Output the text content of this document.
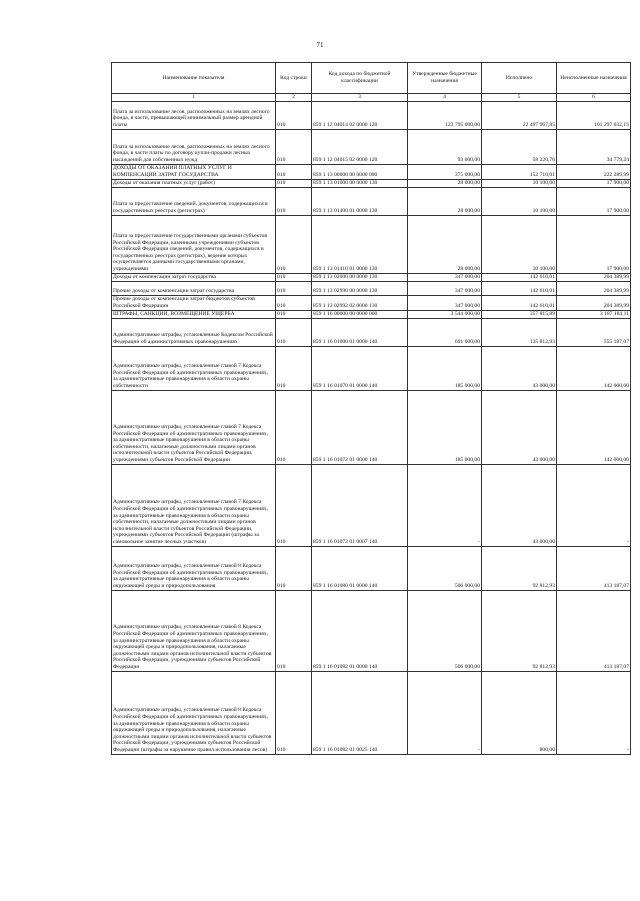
71
Наименование показателя	Код строки	Код дохода по бюджетной классификации	Утвержденные бюджетные назначения	Исполнено	Неисполненные назначения
1	2	3	4	5	6
Плата за использование лесов, расположенных на землях лесного фонда, в части, превышающей минимальный размер арендной платы	010	859 1 12 04014 02 0000 120	123 795 000,00	22 497 967,85	101 297 032,15
Плата за использование лесов, расположенных на землях лесного фонда, в части платы по договору купли-продажи лесных насаждений для собственных нужд	010	859 1 12 04015 02 0000 120	93 000,00	58 220,76	34 779,24
ДОХОДЫ ОТ ОКАЗАНИЯ ПЛАТНЫХ УСЛУГ И КОМПЕНСАЦИИ ЗАТРАТ ГОСУДАРСТВА	010	859 1 13 00000 00 0000 000	375 000,00	152 710,01	222 289,99
Доходы от оказания платных услуг (работ)	010	859 1 13 01000 00 0000 130	28 000,00	10 100,00	17 900,00
Плата за предоставление сведений, документов, содержащихся в государственных реестрах (регистрах)	010	859 1 13 01400 01 0000 130	28 000,00	10 100,00	17 900,00
Плата за предоставление государственными органами субъектов Российской Федерации, казенными учреждениями субъектов Российской Федерации сведений, документов, содержащихся в государственных реестрах (регистрах), ведение которых осуществляется данными государственными органами, учреждениями	010	859 1 13 01410 01 0000 130	28 000,00	10 100,00	17 900,00
Доходы от компенсации затрат государства	010	859 1 13 02000 00 0000 130	347 000,00	142 610,01	204 389,99
Прочие доходы от компенсации затрат государства	010	859 1 13 02990 00 0000 130	347 000,00	142 610,01	204 389,99
Прочие доходы от компенсации затрат бюджетов субъектов Российской Федерации	010	859 1 13 02992 02 0000 130	347 000,00	142 610,01	204 389,99
ШТРАФЫ, САНКЦИИ, ВОЗМЕЩЕНИЕ УЩЕРБА	010	859 1 16 00000 00 0000 000	3 544 000,00	357 815,89	3 187 184,11
Административные штрафы, установленные Кодексом Российской Федерации об административных правонарушениях	010	859 1 16 01000 01 0000 140	691 000,00	135 812,93	555 187,07
Административные штрафы, установленные главой 7 Кодекса Российской Федерации об административных правонарушениях, за административные правонарушения в области охраны собственности	010	859 1 16 01070 01 0000 140	185 000,00	43 000,00	142 000,00
Административные штрафы, установленные главой 7 Кодекса Российской Федерации об административных правонарушениях, за административные правонарушения в области охраны собственности, налагаемые должностными лицами органов исполнительной власти субъектов Российской Федерации, учреждениями субъектов Российской Федерации	010	859 1 16 01072 01 0000 140	185 000,00	43 000,00	142 000,00
Административные штрафы, установленные главой 7 Кодекса Российской Федерации об административных правонарушениях, за административные правонарушения в области охраны собственности, налагаемые должностными лицами органов исполнительной власти субъектов Российской Федерации, учреждениями субъектов Российской Федерации (штрафы за самовольное занятие лесных участков)	010	859 1 16 01072 01 0007 140	-	43 000,00	-
Административные штрафы, установленные главой 8 Кодекса Российской Федерации об административных правонарушениях, за административные правонарушения в области охраны окружающей среды и природопользования	010	859 1 16 01080 01 0000 140	506 000,00	92 812,93	413 187,07
Административные штрафы, установленные главой 8 Кодекса Российской Федерации об административных правонарушениях, за административные правонарушения в области охраны окружающей среды и природопользования, налагаемые должностными лицами органов исполнительной власти субъектов Российской Федерации, учреждениями субъектов Российской Федерации	010	859 1 16 01082 01 0000 140	506 000,00	92 812,93	413 187,07
Административные штрафы, установленные главой 8 Кодекса Российской Федерации об административных правонарушениях, за административные правонарушения в области охраны окружающей среды и природопользования, налагаемые должностными лицами органов исполнительной власти субъектов Российской Федерации, учреждениями субъектов Российской Федерации (штрафы за нарушение правил использования лесов)	010	859 1 16 01082 01 0025 140	-	800,00	-
